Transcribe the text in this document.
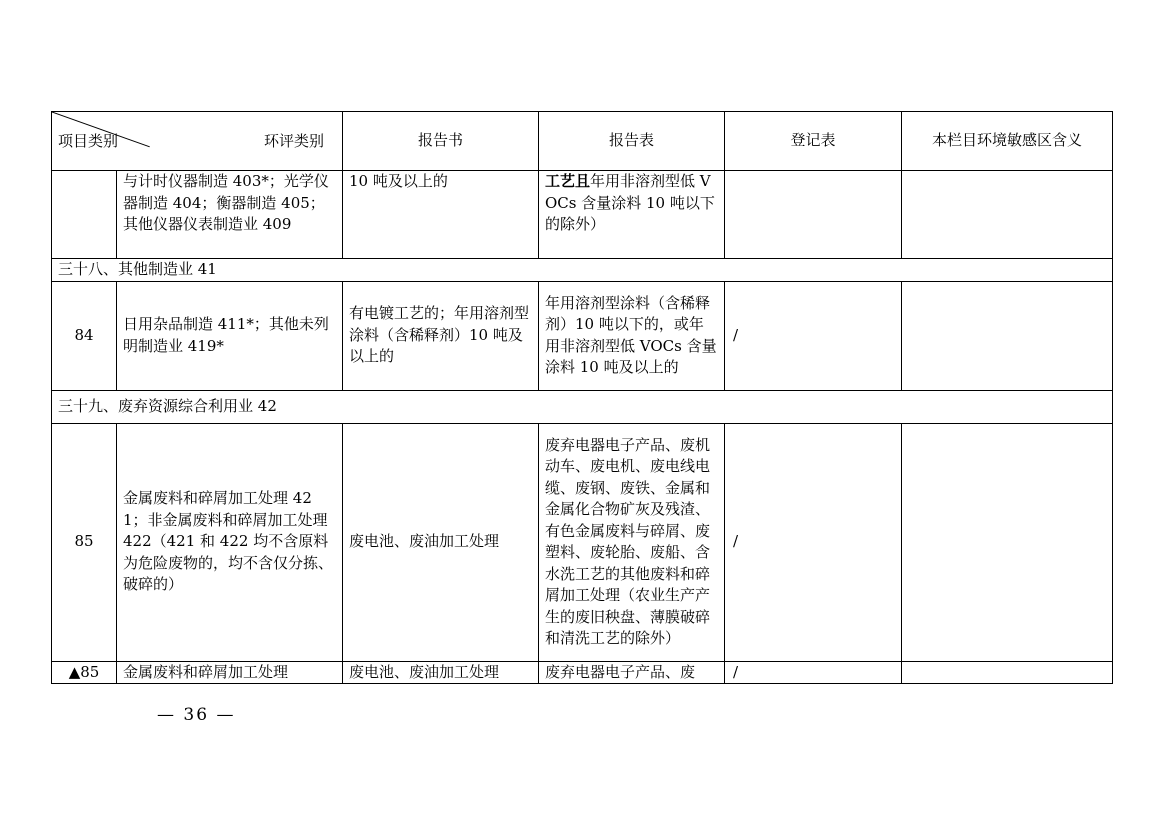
项目类别 环评类别		报告书	报告表	登记表	本栏目环境敏感区含义
	与计时仪器制造 403*；光学仪器制造 404；衡器制造 405；其他仪器仪表制造业 409	10 吨及以上的	工艺且年用非溶剂型低 VOCs 含量涂料 10 吨以下的除外）		
三十八、其他制造业 41					
84	日用杂品制造 411*；其他未列明制造业 419*	有电镀工艺的；年用溶剂型涂料（含稀释剂）10 吨及以上的	年用溶剂型涂料（含稀释剂）10 吨以下的，或年用非溶剂型低 VOCs 含量涂料 10 吨及以上的	/	
三十九、废弃资源综合利用业 42					
85	金属废料和碎屑加工处理 421；非金属废料和碎屑加工处理 422（421 和 422 均不含原料为危险废物的，均不含仅分拣、破碎的）	废电池、废油加工处理	废弃电器电子产品、废机动车、废电机、废电线电缆、废钢、废铁、金属和金属化合物矿灰及残渣、有色金属废料与碎屑、废塑料、废轮胎、废船、含水洗工艺的其他废料和碎屑加工处理（农业生产产生的废旧秧盘、薄膜破碎和清洗工艺的除外）	/	
▲85	金属废料和碎屑加工处理	废电池、废油加工处理	废弃电器电子产品、废	/	
— 36 —
